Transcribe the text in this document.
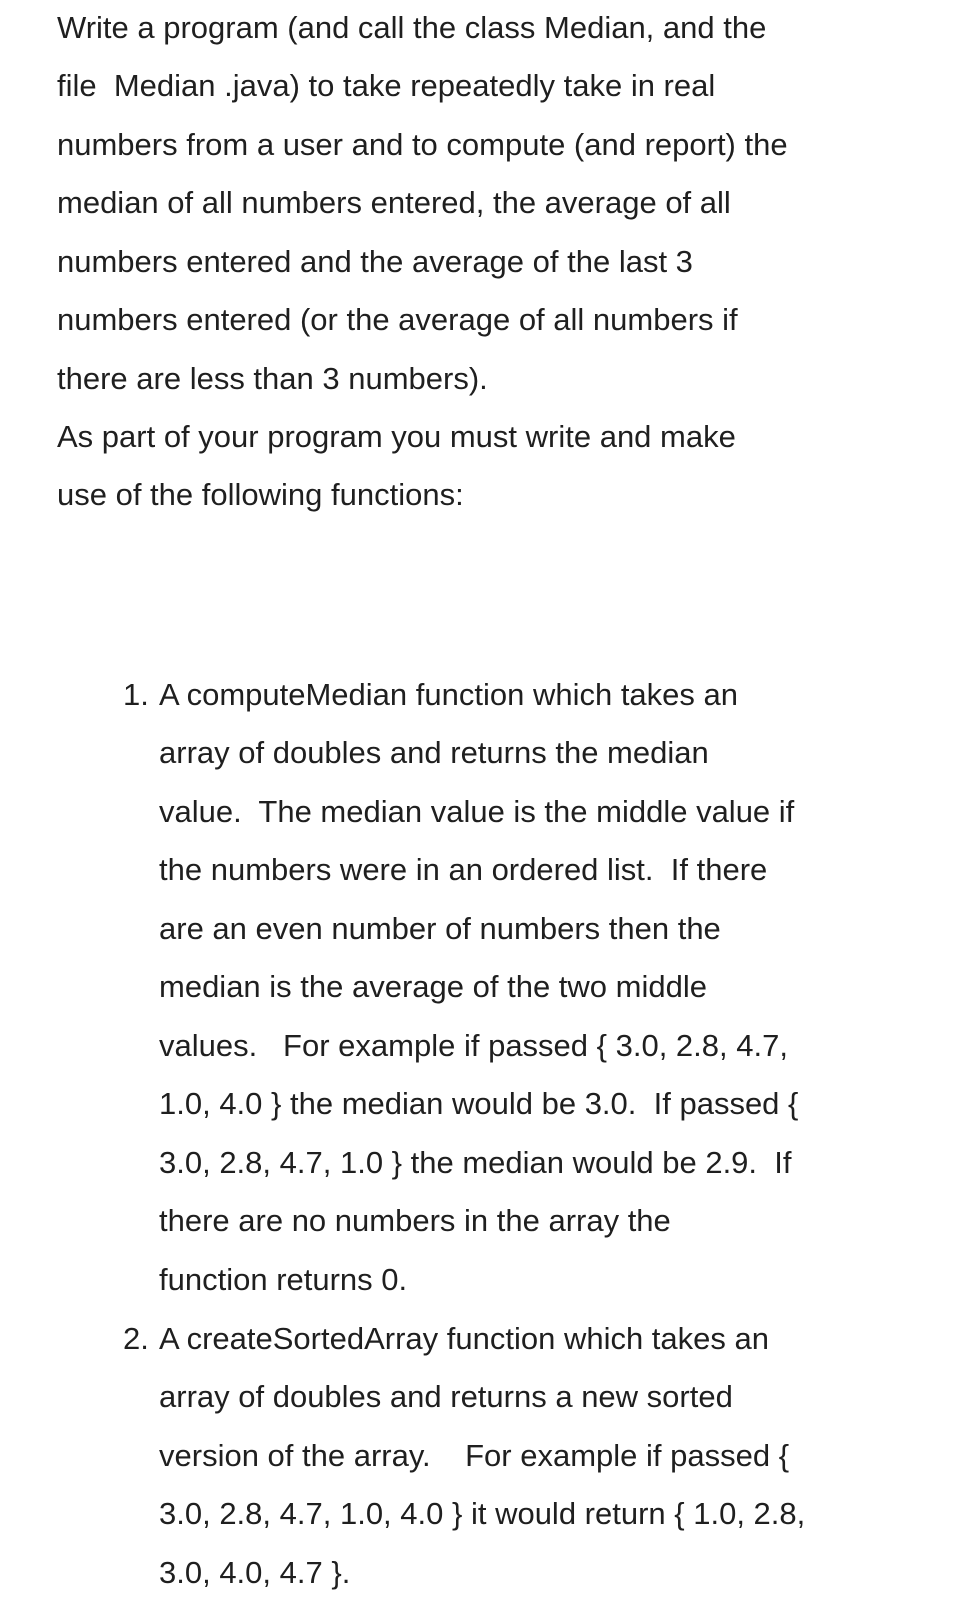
Write a program (and call the class Median, and the
file  Median .java) to take repeatedly take in real
numbers from a user and to compute (and report) the
median of all numbers entered, the average of all
numbers entered and the average of the last 3
numbers entered (or the average of all numbers if
there are less than 3 numbers).
As part of your program you must write and make
use of the following functions:
1. A computeMedian function which takes an
array of doubles and returns the median
value.  The median value is the middle value if
the numbers were in an ordered list.  If there
are an even number of numbers then the
median is the average of the two middle
values.   For example if passed { 3.0, 2.8, 4.7,
1.0, 4.0 } the median would be 3.0.  If passed {
3.0, 2.8, 4.7, 1.0 } the median would be 2.9.  If
there are no numbers in the array the
function returns 0.
2. A createSortedArray function which takes an
array of doubles and returns a new sorted
version of the array.    For example if passed {
3.0, 2.8, 4.7, 1.0, 4.0 } it would return { 1.0, 2.8,
3.0, 4.0, 4.7 }.
